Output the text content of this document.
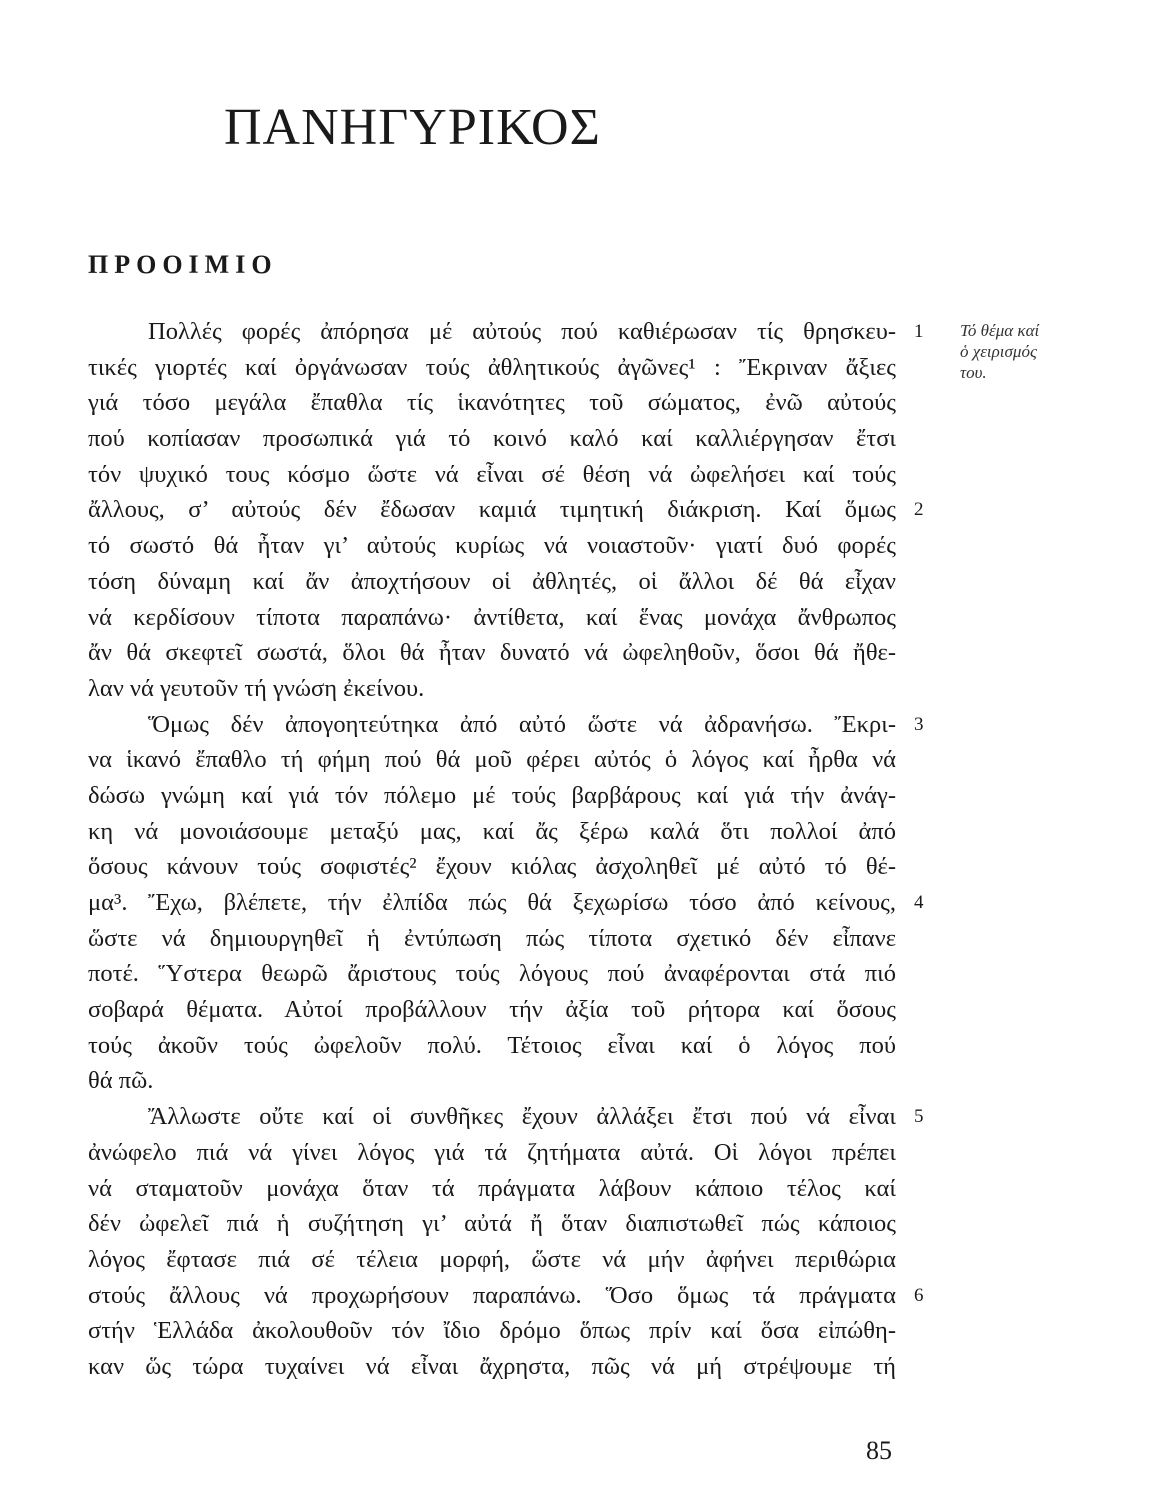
ΠΑΝΗΓΥΡΙΚΟΣ
ΠΡΟΟΙΜΙΟ
Πολλές φορές ἀπόρησα μέ αὐτούς πού καθιέρωσαν τίς θρησκευ- 1
τικές γιορτές καί ὀργάνωσαν τούς ἀθλητικούς ἀγῶνες¹ : Ἔκριναν ἄξιες
γιά τόσο μεγάλα ἔπαθλα τίς ἱκανότητες τοῦ σώματος, ἐνῶ αὐτούς
πού κοπίασαν προσωπικά γιά τό κοινό καλό καί καλλιέργησαν ἔτσι
τόν ψυχικό τους κόσμο ὥστε νά εἶναι σέ θέση νά ὠφελήσει καί τούς
ἄλλους, σ’ αὐτούς δέν ἔδωσαν καμιά τιμητική διάκριση. Καί ὅμως 2
τό σωστό θά ἦταν γι’ αὐτούς κυρίως νά νοιαστοῦν· γιατί δυό φορές
τόση δύναμη καί ἄν ἀποχτήσουν οἱ ἀθλητές, οἱ ἄλλοι δέ θά εἶχαν
νά κερδίσουν τίποτα παραπάνω· ἀντίθετα, καί ἕνας μονάχα ἄνθρωπος
ἄν θά σκεφτεῖ σωστά, ὅλοι θά ἦταν δυνατό νά ὠφεληθοῦν, ὅσοι θά ἤθε-
λαν νά γευτοῦν τή γνώση ἐκείνου.
Ὅμως δέν ἀπογοητεύτηκα ἀπό αὐτό ὥστε νά ἀδρανήσω. Ἔκρι- 3
να ἱκανό ἔπαθλο τή φήμη πού θά μοῦ φέρει αὐτός ὁ λόγος καί ἦρθα νά
δώσω γνώμη καί γιά τόν πόλεμο μέ τούς βαρβάρους καί γιά τήν ἀνάγ-
κη νά μονοιάσουμε μεταξύ μας, καί ἄς ξέρω καλά ὅτι πολλοί ἀπό
ὅσους κάνουν τούς σοφιστές² ἔχουν κιόλας ἀσχοληθεῖ μέ αὐτό τό θέ-
μα³. Ἔχω, βλέπετε, τήν ἐλπίδα πώς θά ξεχωρίσω τόσο ἀπό κείνους, 4
ὥστε νά δημιουργηθεῖ ἡ ἐντύπωση πώς τίποτα σχετικό δέν εἶπανε
ποτέ. Ὕστερα θεωρῶ ἄριστους τούς λόγους πού ἀναφέρονται στά πιό
σοβαρά θέματα. Αὐτοί προβάλλουν τήν ἀξία τοῦ ρήτορα καί ὅσους
τούς ἀκοῦν τούς ὠφελοῦν πολύ. Τέτοιος εἶναι καί ὁ λόγος πού
θά πῶ.
Ἄλλωστε οὔτε καί οἱ συνθῆκες ἔχουν ἀλλάξει ἔτσι πού νά εἶναι 5
ἀνώφελο πιά νά γίνει λόγος γιά τά ζητήματα αὐτά. Οἱ λόγοι πρέπει
νά σταματοῦν μονάχα ὅταν τά πράγματα λάβουν κάποιο τέλος καί
δέν ὠφελεῖ πιά ἡ συζήτηση γι’ αὐτά ἤ ὅταν διαπιστωθεῖ πώς κάποιος
λόγος ἔφτασε πιά σέ τέλεια μορφή, ὥστε νά μήν ἀφήνει περιθώρια
στούς ἄλλους νά προχωρήσουν παραπάνω. Ὅσο ὅμως τά πράγματα 6
στήν Ἑλλάδα ἀκολουθοῦν τόν ἴδιο δρόμο ὅπως πρίν καί ὅσα εἰπώθη-
καν ὥς τώρα τυχαίνει νά εἶναι ἄχρηστα, πῶς νά μή στρέψουμε τή
Τό θέμα καί ὁ χειρισμός του.
85
